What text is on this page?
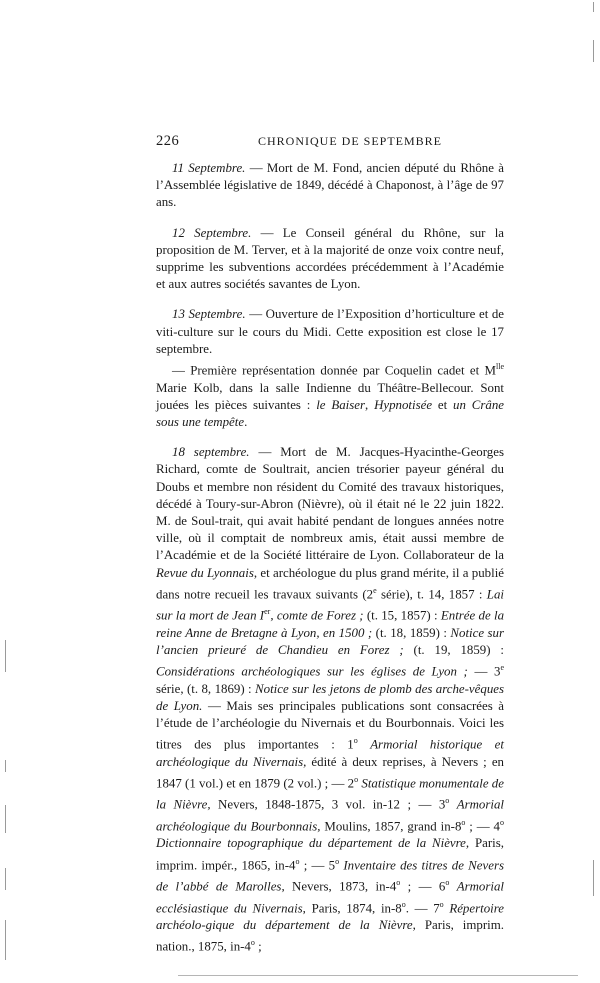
226	CHRONIQUE DE SEPTEMBRE

11 Septembre. — Mort de M. Fond, ancien député du Rhône à l’Assemblée législative de 1849, décédé à Chaponost, à l’âge de 97 ans.

12 Septembre. — Le Conseil général du Rhône, sur la proposition de M. Terver, et à la majorité de onze voix contre neuf, supprime les subventions accordées précédemment à l’Académie et aux autres sociétés savantes de Lyon.

13 Septembre. — Ouverture de l’Exposition d’horticulture et de viti-culture sur le cours du Midi. Cette exposition est close le 17 septembre.

— Première représentation donnée par Coquelin cadet et $M^{lle}$ Marie Kolb, dans la salle Indienne du Théâtre-Bellecour. Sont jouées les pièces suivantes : le Baiser, Hypnotisée et un Crâne sous une tempête.

18 septembre. — Mort de M. Jacques-Hyacinthe-Georges Richard, comte de Soultrait, ancien trésorier payeur général du Doubs et membre non résident du Comité des travaux historiques, décédé à Toury-sur-Abron (Nièvre), où il était né le 22 juin 1822. M. de Soul-trait, qui avait habité pendant de longues années notre ville, où il comptait de nombreux amis, était aussi membre de l’Académie et de la Société littéraire de Lyon. Collaborateur de la Revue du Lyonnais, et archéologue du plus grand mérite, il a publié dans notre recueil les travaux suivants (2e série), t. 14, 1857 : Lai sur la mort de Jean Ier, comte de Forez ; (t. 15, 1857) : Entrée de la reine Anne de Bretagne à Lyon, en 1500 ; (t. 18, 1859) : Notice sur l’ancien prieuré de Chandieu en Forez ; (t. 19, 1859) : Considérations archéologiques sur les églises de Lyon ; — 3e série, (t. 8, 1869) : Notice sur les jetons de plomb des arche-vêques de Lyon. — Mais ses principales publications sont consacrées à l’étude de l’archéologie du Nivernais et du Bourbonnais. Voici les titres des plus importantes : 1$^o$ Armorial historique et archéologique du Nivernais, édité à deux reprises, à Nevers ; en 1847 (1 vol.) et en 1879 (2 vol.) ; — 2$^o$ Statistique monumentale de la Nièvre, Nevers, 1848-1875, 3 vol. in-12 ; — 3$^o$ Armorial archéologique du Bourbonnais, Moulins, 1857, grand in-8$^o$ ; — 4$^o$ Dictionnaire topographique du département de la Nièvre, Paris, imprim. impér., 1865, in-4$^o$ ; — 5$^o$ Inventaire des titres de Nevers de l’abbé de Marolles, Nevers, 1873, in-4$^o$ ; — 6$^o$ Armorial ecclésiastique du Nivernais, Paris, 1874, in-8$^o$. — 7$^o$ Répertoire archéolo-gique du département de la Nièvre, Paris, imprim. nation., 1875, in-4$^o$ ;
